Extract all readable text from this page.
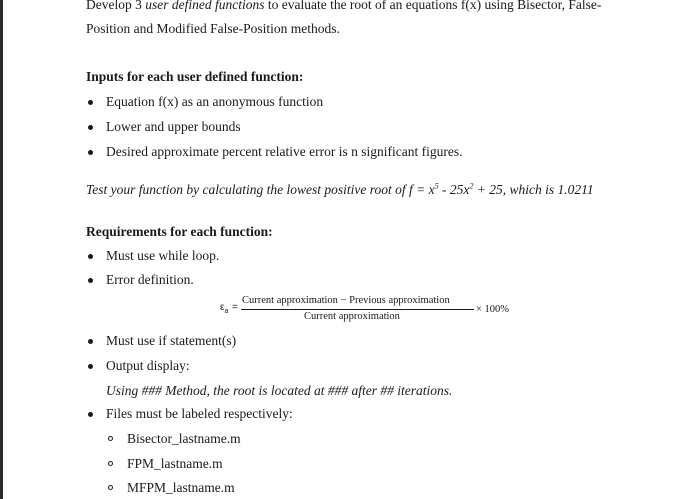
Develop 3 user defined functions to evaluate the root of an equations f(x) using Bisector, False-
Position and Modified False-Position methods.
Inputs for each user defined function:
Equation f(x) as an anonymous function
Lower and upper bounds
Desired approximate percent relative error is n significant figures.
Test your function by calculating the lowest positive root of $f = x^5 - 25x^2 + 25$, which is 1.0211
Requirements for each function:
Must use while loop.
Error definition.
$\varepsilon_a$ =
Current approximation − Previous approximation
Current approximation
× 100%
Must use if statement(s)
Output display:
Using ### Method, the root is located at ### after ## iterations.
Files must be labeled respectively:
Bisector_lastname.m
FPM_lastname.m
MFPM_lastname.m
